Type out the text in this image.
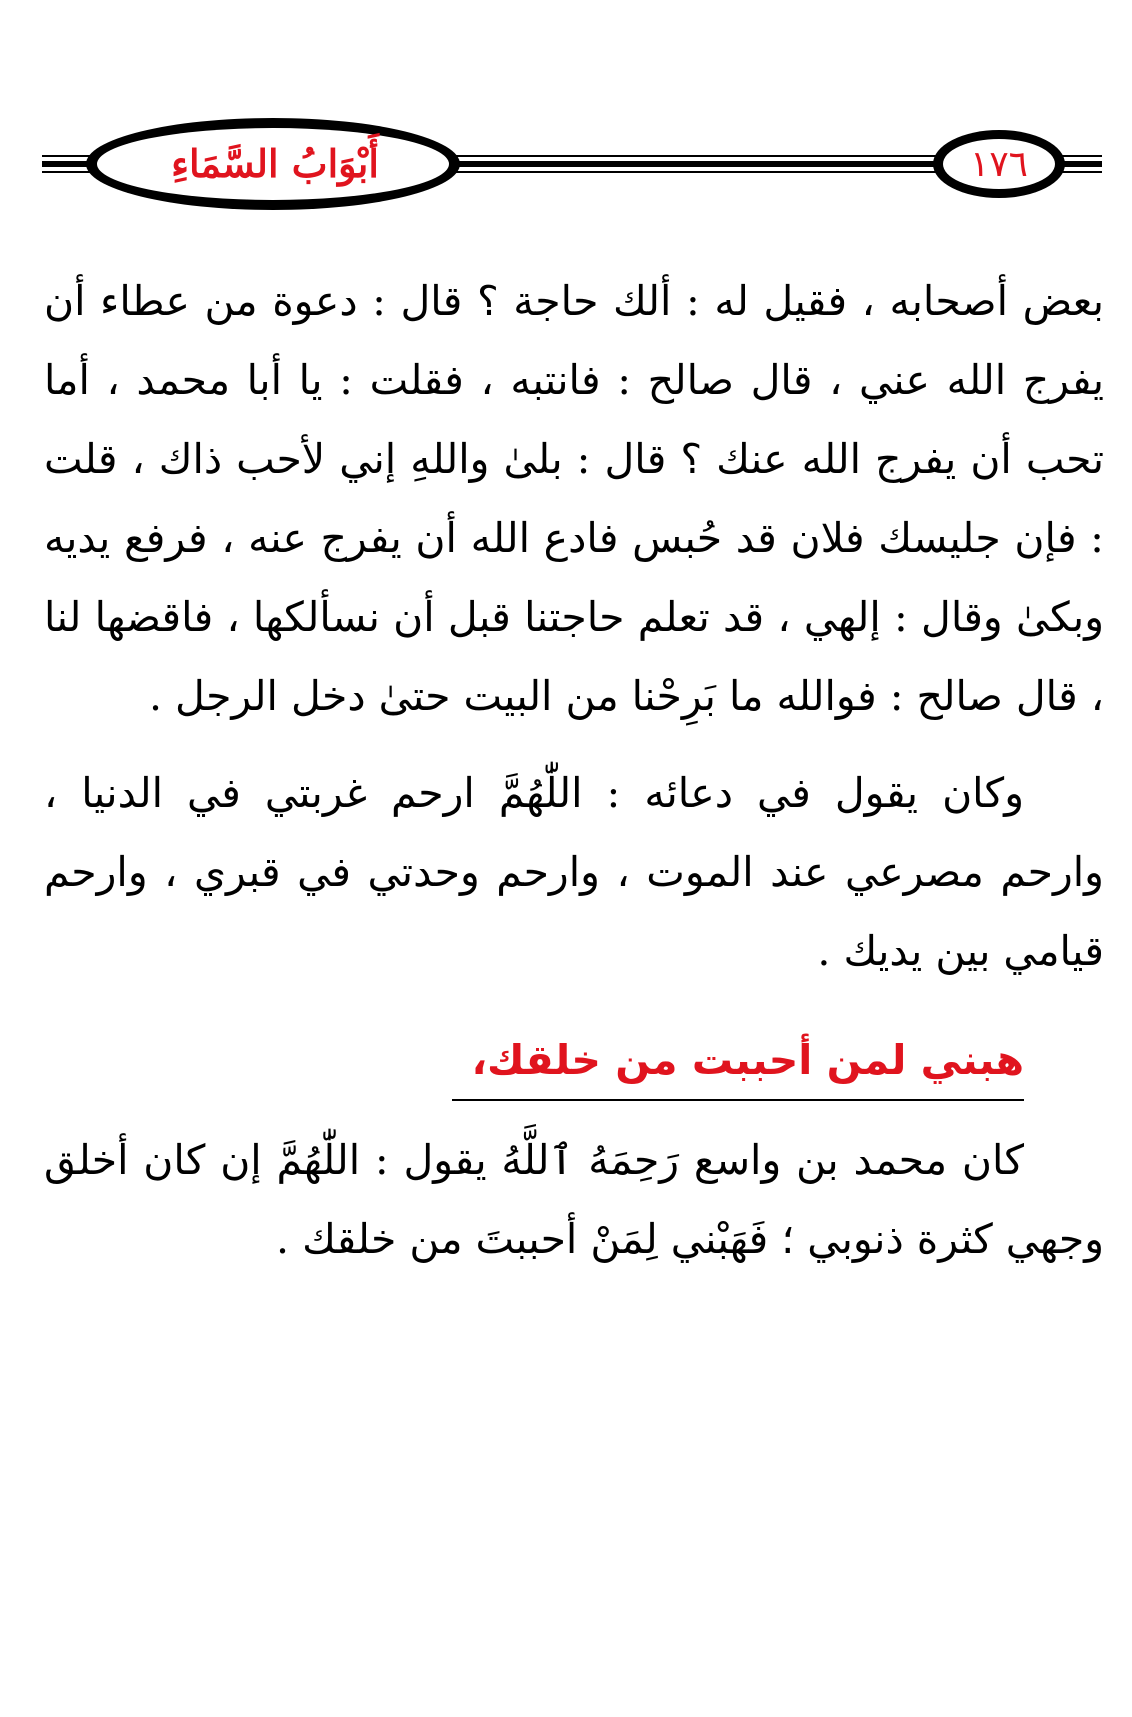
أَبْوَابُ السَّمَاءِ	١٧٦

بعض أصحابه ، فقيل له : ألك حاجة ؟ قال : دعوة من عطاء أن يفرج الله عني ، قال صالح : فانتبه ، فقلت : يا أبا محمد ، أما تحب أن يفرج الله عنك ؟ قال : بلىٰ واللهِ إني لأحب ذاك ، قلت : فإن جليسك فلان قد حُبس فادع الله أن يفرج عنه ، فرفع يديه وبكىٰ وقال : إلهي ، قد تعلم حاجتنا قبل أن نسألكها ، فاقضها لنا ، قال صالح : فوالله ما بَرِحْنا من البيت حتىٰ دخل الرجل .

وكان يقول في دعائه : اللّٰهُمَّ ارحم غربتي في الدنيا ، وارحم مصرعي عند الموت ، وارحم وحدتي في قبري ، وارحم قيامي بين يديك .

هبني لمن أحببت من خلقك،

كان محمد بن واسع رَحِمَهُ ٱللَّهُ يقول : اللّٰهُمَّ إن كان أخلق وجهي كثرة ذنوبي ؛ فَهَبْني لِمَنْ أحببتَ من خلقك .
